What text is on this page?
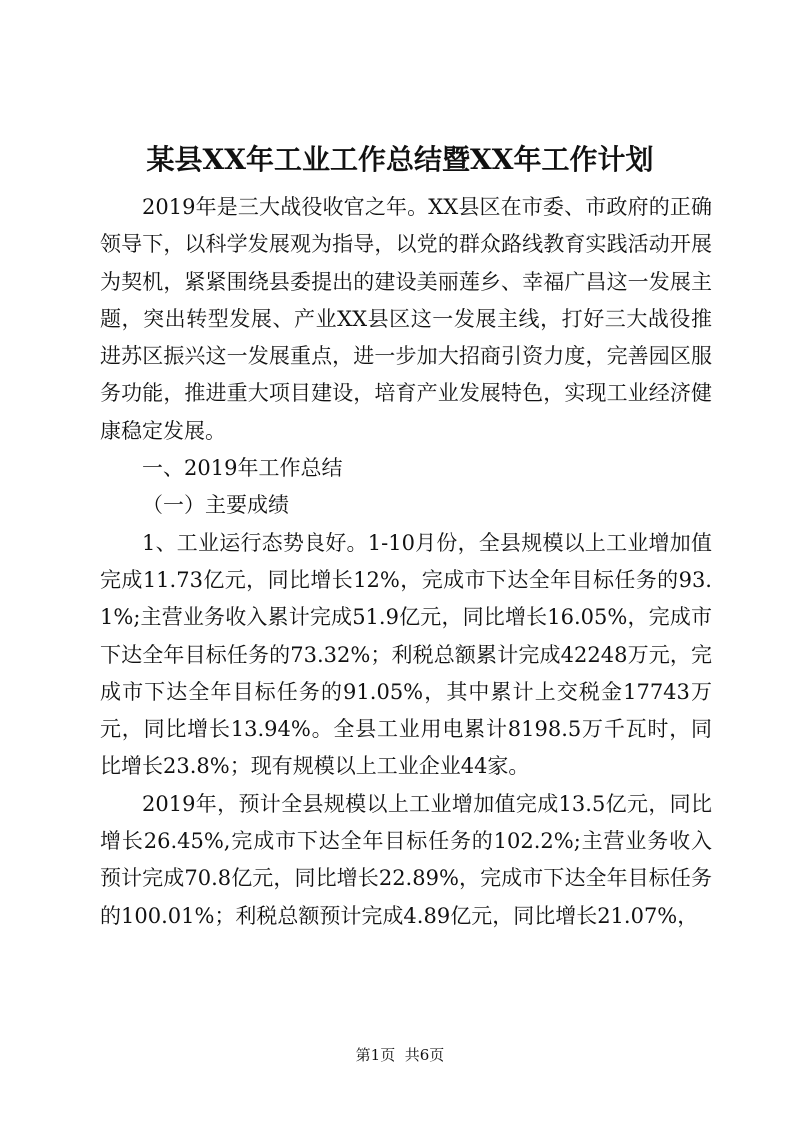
某县XX年工业工作总结暨XX年工作计划

2019年是三大战役收官之年。XX县区在市委、市政府的正确领导下，以科学发展观为指导，以党的群众路线教育实践活动开展为契机，紧紧围绕县委提出的建设美丽莲乡、幸福广昌这一发展主题，突出转型发展、产业XX县区这一发展主线，打好三大战役推进苏区振兴这一发展重点，进一步加大招商引资力度，完善园区服务功能，推进重大项目建设，培育产业发展特色，实现工业经济健康稳定发展。

一、2019年工作总结

（一）主要成绩

1、工业运行态势良好。1-10月份，全县规模以上工业增加值完成11.73亿元，同比增长12%，完成市下达全年目标任务的93.1%;主营业务收入累计完成51.9亿元，同比增长16.05%，完成市下达全年目标任务的73.32%；利税总额累计完成42248万元，完成市下达全年目标任务的91.05%，其中累计上交税金17743万元，同比增长13.94%。全县工业用电累计8198.5万千瓦时，同比增长23.8%；现有规模以上工业企业44家。

2019年，预计全县规模以上工业增加值完成13.5亿元，同比增长26.45%,完成市下达全年目标任务的102.2%;主营业务收入预计完成70.8亿元，同比增长22.89%，完成市下达全年目标任务的100.01%；利税总额预计完成4.89亿元，同比增长21.07%，

第1页 共6页
